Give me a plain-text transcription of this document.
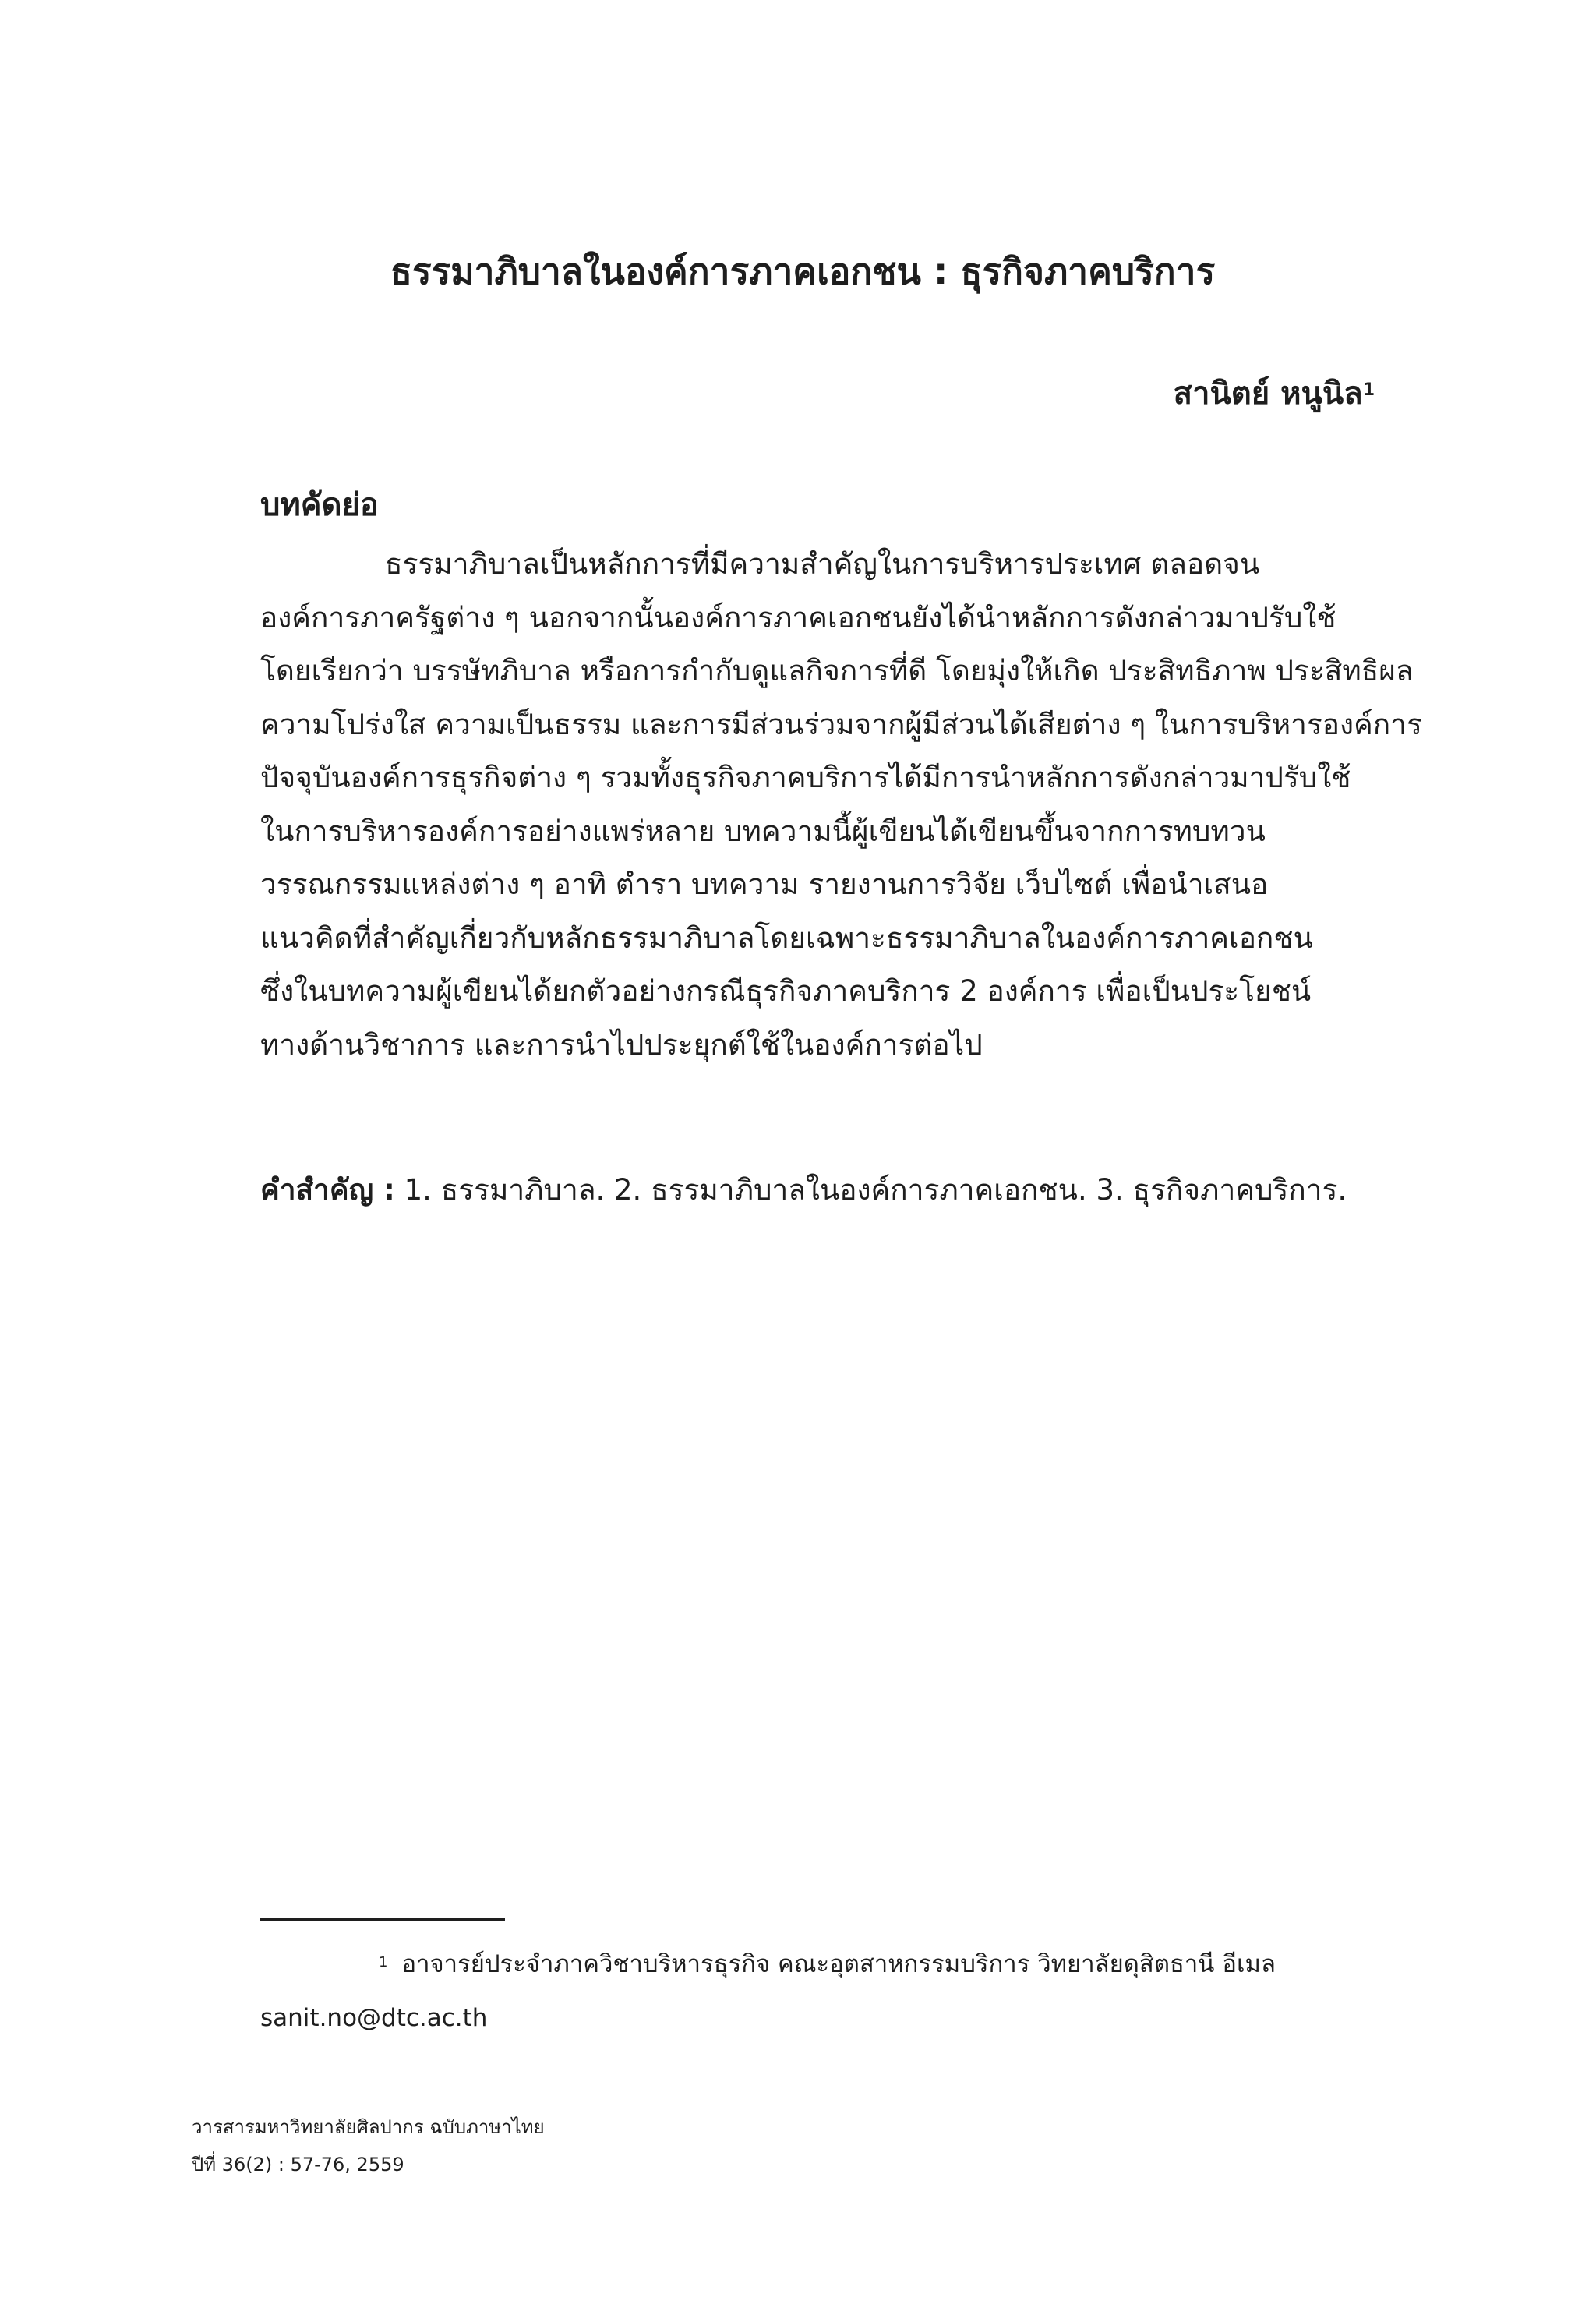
ธรรมาภิบาลในองค์การภาคเอกชน : ธุรกิจภาคบริการ
สานิตย์ หนูนิล$^1$
บทคัดย่อ
ธรรมาภิบาลเป็นหลักการที่มีความสำคัญในการบริหารประเทศ ตลอดจน
องค์การภาครัฐต่าง ๆ นอกจากนั้นองค์การภาคเอกชนยังได้นำหลักการดังกล่าวมาปรับใช้
โดยเรียกว่า บรรษัทภิบาล หรือการกำกับดูแลกิจการที่ดี โดยมุ่งให้เกิด ประสิทธิภาพ ประสิทธิผล
ความโปร่งใส ความเป็นธรรม และการมีส่วนร่วมจากผู้มีส่วนได้เสียต่าง ๆ ในการบริหารองค์การ
ปัจจุบันองค์การธุรกิจต่าง ๆ รวมทั้งธุรกิจภาคบริการได้มีการนำหลักการดังกล่าวมาปรับใช้
ในการบริหารองค์การอย่างแพร่หลาย บทความนี้ผู้เขียนได้เขียนขึ้นจากการทบทวน
วรรณกรรมแหล่งต่าง ๆ อาทิ ตำรา บทความ รายงานการวิจัย เว็บไซต์ เพื่อนำเสนอ
แนวคิดที่สำคัญเกี่ยวกับหลักธรรมาภิบาลโดยเฉพาะธรรมาภิบาลในองค์การภาคเอกชน
ซึ่งในบทความผู้เขียนได้ยกตัวอย่างกรณีธุรกิจภาคบริการ 2 องค์การ เพื่อเป็นประโยชน์
ทางด้านวิชาการ และการนำไปประยุกต์ใช้ในองค์การต่อไป
คำสำคัญ : 1. ธรรมาภิบาล. 2. ธรรมาภิบาลในองค์การภาคเอกชน. 3. ธุรกิจภาคบริการ.
$^1$ อาจารย์ประจำภาควิชาบริหารธุรกิจ คณะอุตสาหกรรมบริการ วิทยาลัยดุสิตธานี อีเมล
sanit.no@dtc.ac.th
วารสารมหาวิทยาลัยศิลปากร ฉบับภาษาไทย
ปีที่ 36(2) : 57-76, 2559
